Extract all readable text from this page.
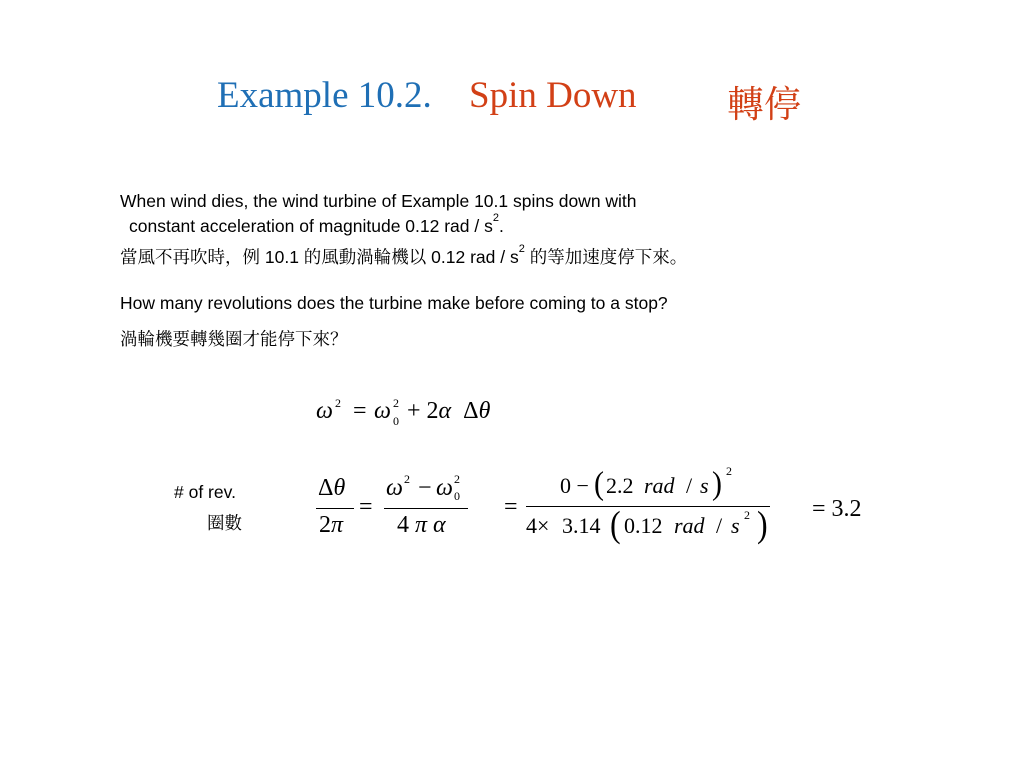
Example 10.2. Spin Down 轉停
When wind dies, the wind turbine of Example 10.1 spins down with
constant acceleration of magnitude 0.12 rad / $s^2$.
當風不再吹時，例 10.1 的風動渦輪機以 0.12 rad / $s^2$ 的等加速度停下來。
How many revolutions does the turbine make before coming to a stop?
渦輪機要轉幾圈才能停下來？
ω 2 = ω 2
0 + 2α  Δθ
# of rev.
圈數
Δθ
2π
=
ω 2 − ω 2
0
4 π α
=
0 − ( 2.2 rad / s ) 2
4× 3.14 ( 0.12 rad / s 2 ) = 3.2
